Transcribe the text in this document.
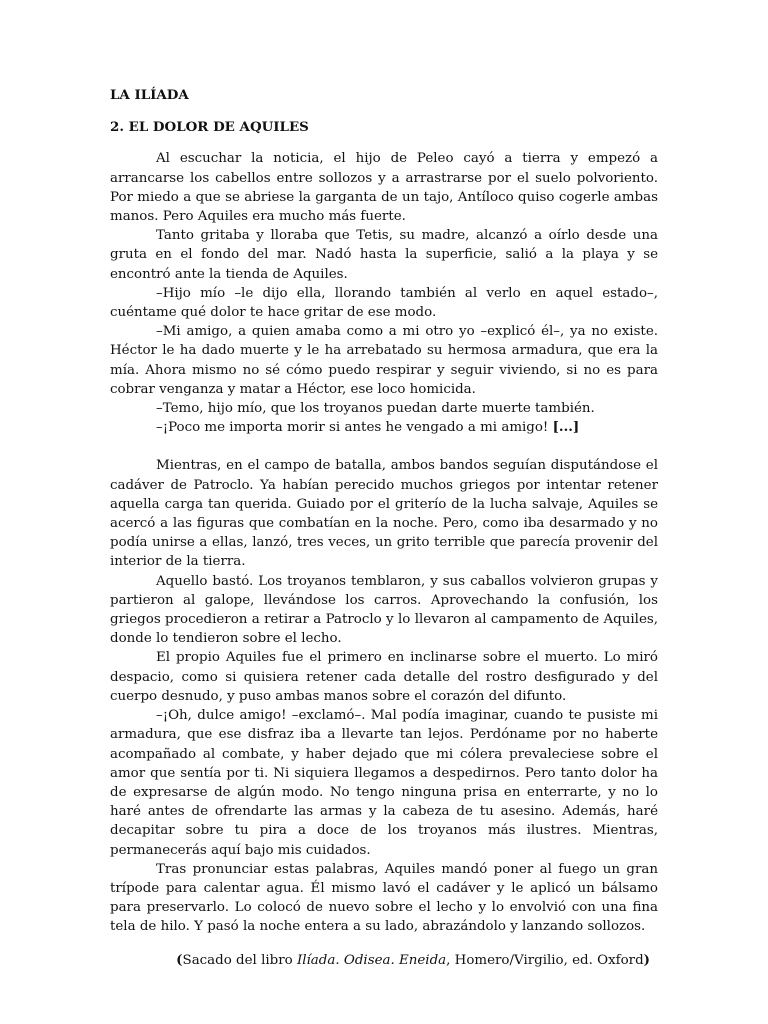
LA ILÍADA
2. EL DOLOR DE AQUILES

Al escuchar la noticia, el hijo de Peleo cayó a tierra y empezó a arrancarse los cabellos entre sollozos y a arrastrarse por el suelo polvoriento. Por miedo a que se abriese la garganta de un tajo, Antíloco quiso cogerle ambas manos. Pero Aquiles era mucho más fuerte.

Tanto gritaba y lloraba que Tetis, su madre, alcanzó a oírlo desde una gruta en el fondo del mar. Nadó hasta la superficie, salió a la playa y se encontró ante la tienda de Aquiles.

–Hijo mío –le dijo ella, llorando también al verlo en aquel estado–, cuéntame qué dolor te hace gritar de ese modo.

–Mi amigo, a quien amaba como a mi otro yo –explicó él–, ya no existe. Héctor le ha dado muerte y le ha arrebatado su hermosa armadura, que era la mía. Ahora mismo no sé cómo puedo respirar y seguir viviendo, si no es para cobrar venganza y matar a Héctor, ese loco homicida.

–Temo, hijo mío, que los troyanos puedan darte muerte también.

–¡Poco me importa morir si antes he vengado a mi amigo! [...]

Mientras, en el campo de batalla, ambos bandos seguían disputándose el cadáver de Patroclo. Ya habían perecido muchos griegos por intentar retener aquella carga tan querida. Guiado por el griterío de la lucha salvaje, Aquiles se acercó a las figuras que combatían en la noche. Pero, como iba desarmado y no podía unirse a ellas, lanzó, tres veces, un grito terrible que parecía provenir del interior de la tierra.

Aquello bastó. Los troyanos temblaron, y sus caballos volvieron grupas y partieron al galope, llevándose los carros. Aprovechando la confusión, los griegos procedieron a retirar a Patroclo y lo llevaron al campamento de Aquiles, donde lo tendieron sobre el lecho.

El propio Aquiles fue el primero en inclinarse sobre el muerto. Lo miró despacio, como si quisiera retener cada detalle del rostro desfigurado y del cuerpo desnudo, y puso ambas manos sobre el corazón del difunto.

–¡Oh, dulce amigo! –exclamó–. Mal podía imaginar, cuando te pusiste mi armadura, que ese disfraz iba a llevarte tan lejos. Perdóname por no haberte acompañado al combate, y haber dejado que mi cólera prevaleciese sobre el amor que sentía por ti. Ni siquiera llegamos a despedirnos. Pero tanto dolor ha de expresarse de algún modo. No tengo ninguna prisa en enterrarte, y no lo haré antes de ofrendarte las armas y la cabeza de tu asesino. Además, haré decapitar sobre tu pira a doce de los troyanos más ilustres. Mientras, permanecerás aquí bajo mis cuidados.

Tras pronunciar estas palabras, Aquiles mandó poner al fuego un gran trípode para calentar agua. Él mismo lavó el cadáver y le aplicó un bálsamo para preservarlo. Lo colocó de nuevo sobre el lecho y lo envolvió con una fina tela de hilo. Y pasó la noche entera a su lado, abrazándolo y lanzando sollozos.

(Sacado del libro Ilíada. Odisea. Eneida, Homero/Virgilio, ed. Oxford)
